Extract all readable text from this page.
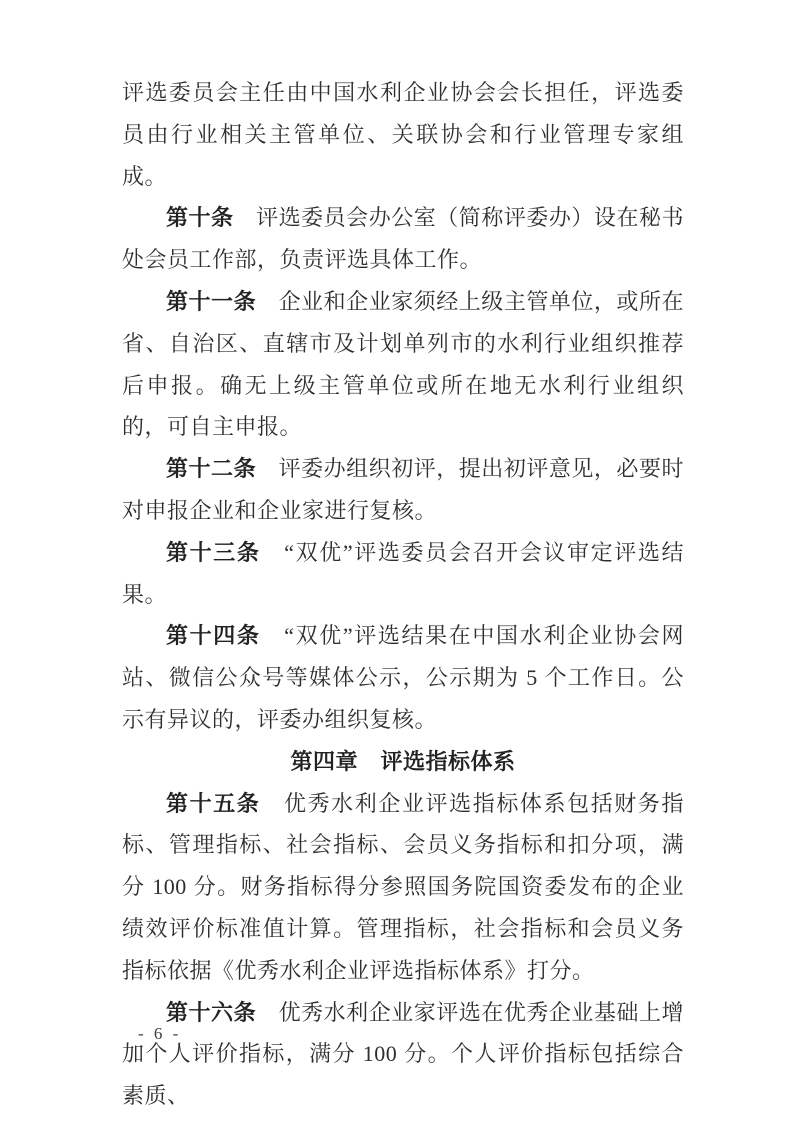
评选委员会主任由中国水利企业协会会长担任，评选委员由行业相关主管单位、关联协会和行业管理专家组成。

第十条　评选委员会办公室（简称评委办）设在秘书处会员工作部，负责评选具体工作。

第十一条　企业和企业家须经上级主管单位，或所在省、自治区、直辖市及计划单列市的水利行业组织推荐后申报。确无上级主管单位或所在地无水利行业组织的，可自主申报。

第十二条　评委办组织初评，提出初评意见，必要时对申报企业和企业家进行复核。

第十三条　“双优”评选委员会召开会议审定评选结果。

第十四条　“双优”评选结果在中国水利企业协会网站、微信公众号等媒体公示，公示期为 5 个工作日。公示有异议的，评委办组织复核。

第四章　评选指标体系

第十五条　优秀水利企业评选指标体系包括财务指标、管理指标、社会指标、会员义务指标和扣分项，满分 100 分。财务指标得分参照国务院国资委发布的企业绩效评价标准值计算。管理指标，社会指标和会员义务指标依据《优秀水利企业评选指标体系》打分。

第十六条　优秀水利企业家评选在优秀企业基础上增加个人评价指标，满分 100 分。个人评价指标包括综合素质、

- 6 -
